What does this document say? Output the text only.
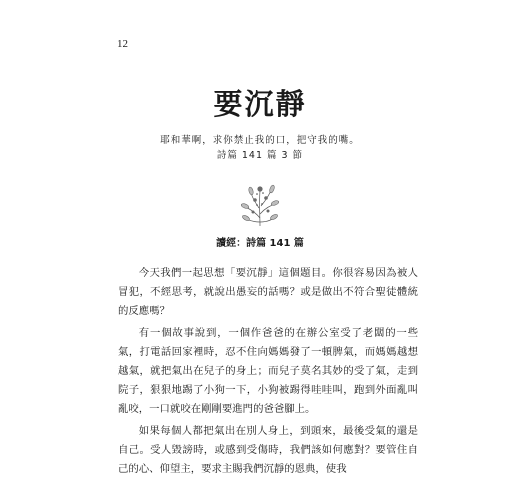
12
要沉靜
耶和華啊，求你禁止我的口，把守我的嘴。
詩篇 141 篇 3 節
讀經：詩篇 141 篇

今天我們一起思想「要沉靜」這個題目。你很容易因為被人冒犯，不經思考，就說出愚妄的話嗎？或是做出不符合聖徒體統的反應嗎？

有一個故事說到，一個作爸爸的在辦公室受了老闆的一些氣，打電話回家裡時，忍不住向媽媽發了一頓脾氣，而媽媽越想越氣，就把氣出在兒子的身上；而兒子莫名其妙的受了氣，走到院子，狠狠地踢了小狗一下，小狗被踢得哇哇叫，跑到外面亂叫亂咬，一口就咬在剛剛要進門的爸爸腳上。

如果每個人都把氣出在別人身上，到頭來，最後受氣的還是自己。受人毀謗時，或感到受傷時，我們該如何應對？要管住自己的心、仰望主，要求主賜我們沉靜的恩典，使我
